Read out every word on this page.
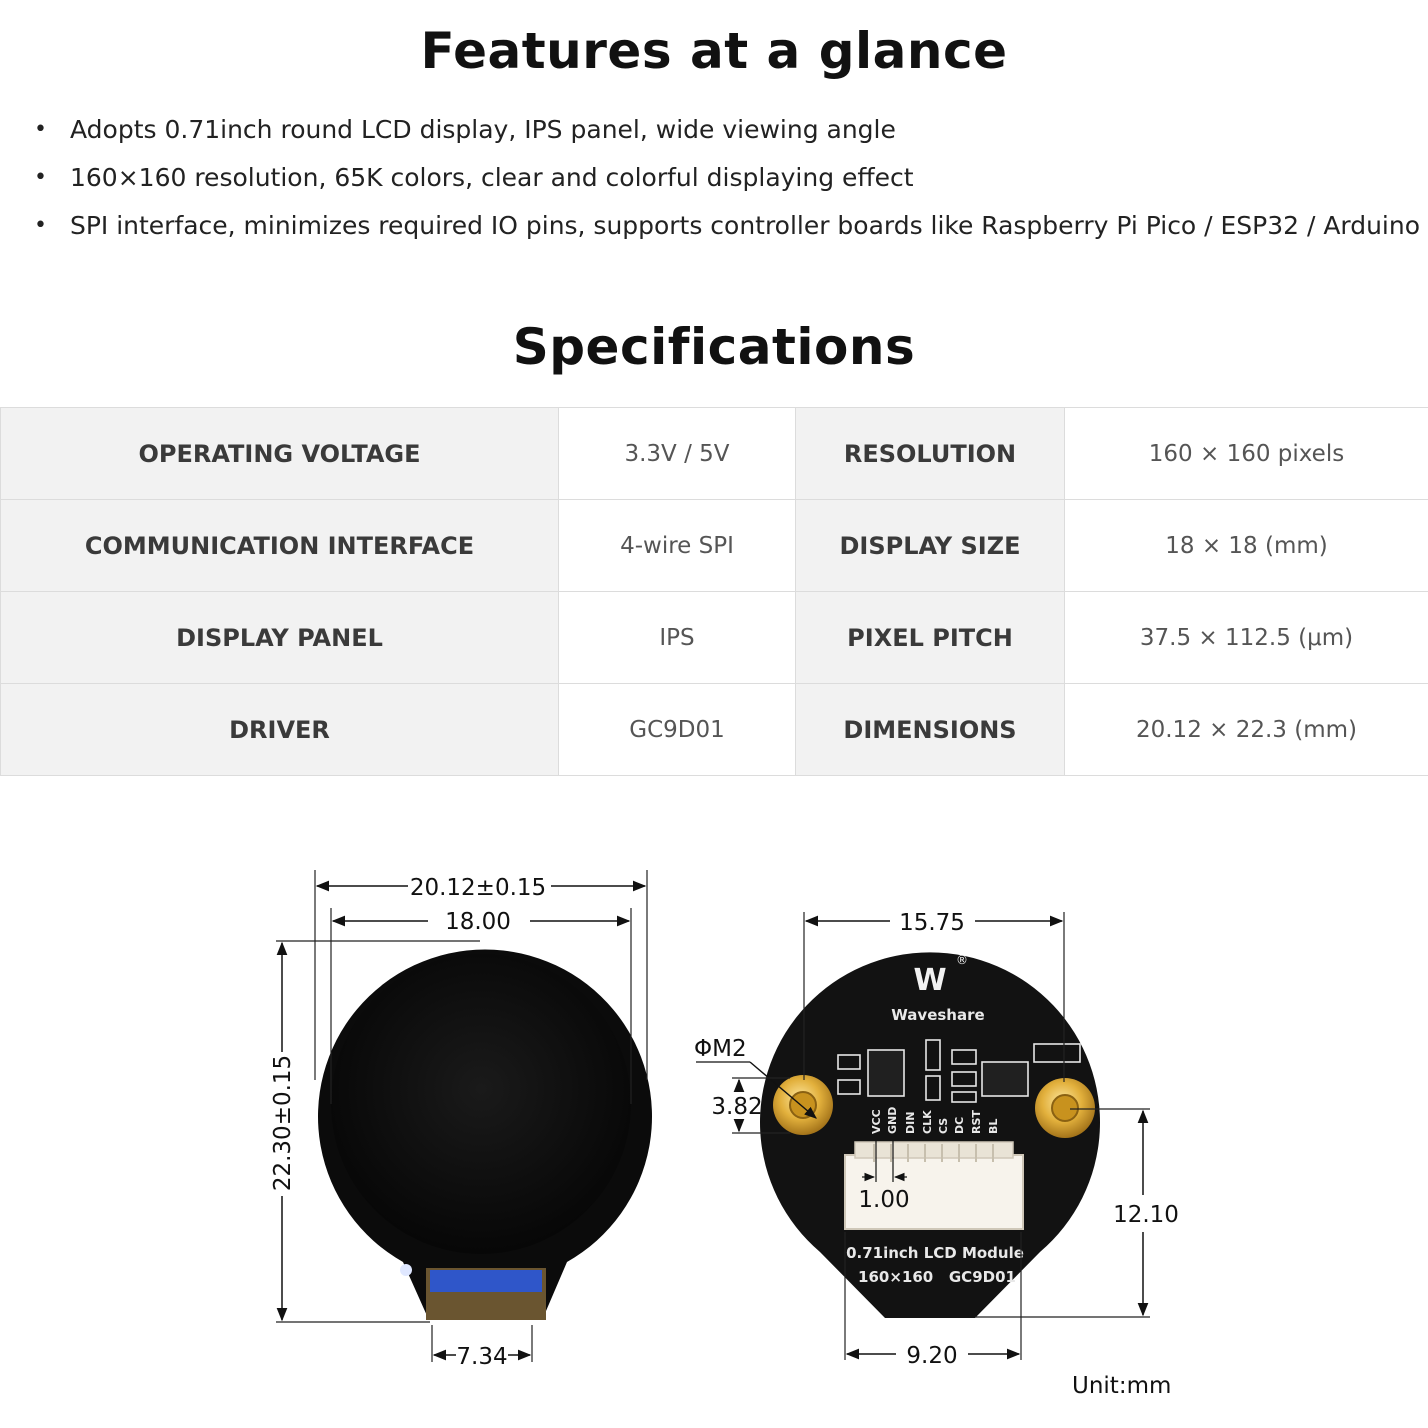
Features at a glance
• Adopts 0.71inch round LCD display, IPS panel, wide viewing angle
• 160×160 resolution, 65K colors, clear and colorful displaying effect
• SPI interface, minimizes required IO pins, supports controller boards like Raspberry Pi Pico / ESP32 / Arduino
Specifications
OPERATING VOLTAGE	3.3V / 5V	RESOLUTION	160 × 160 pixels
COMMUNICATION INTERFACE	4-wire SPI	DISPLAY SIZE	18 × 18 (mm)
DISPLAY PANEL	IPS	PIXEL PITCH	37.5 × 112.5 (μm)
DRIVER	GC9D01	DIMENSIONS	20.12 × 22.3 (mm)
20.12±0.15
18.00
22.30±0.15
7.34
W
®
Waveshare
VCC GND DIN CLK CS DC RST BL
0.71inch LCD Module
160×160   GC9D01
15.75
ΦM2
3.82
1.00
12.10
9.20
Unit:mm
